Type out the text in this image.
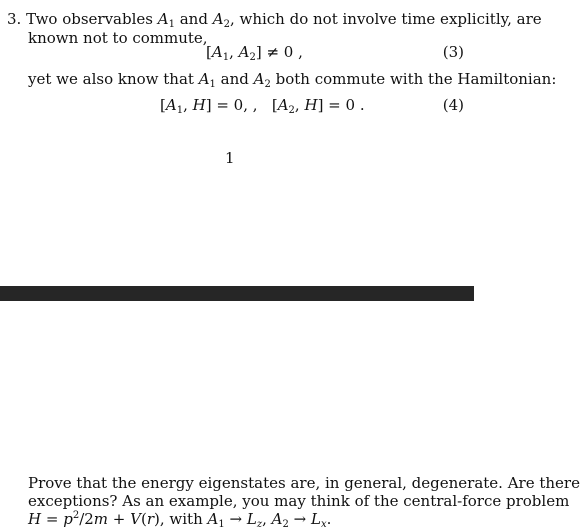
3. Two observables $A_1$ and $A_2$, which do not involve time explicitly, are
known not to commute,
[$A_1$, $A_2] \ne 0$ ,	(3)
yet we also know that $A_1$ and $A_2$ both commute with the Hamiltonian:
[$A_1$, H] = 0, , [$A_2$, H] = 0 .	(4)
1
Prove that the energy eigenstates are, in general, degenerate. Are there
exceptions? As an example, you may think of the central-force problem
$H = p^2/2m + V(r)$, with $A_1 \to L_z$, $A_2 \to L_x$.
